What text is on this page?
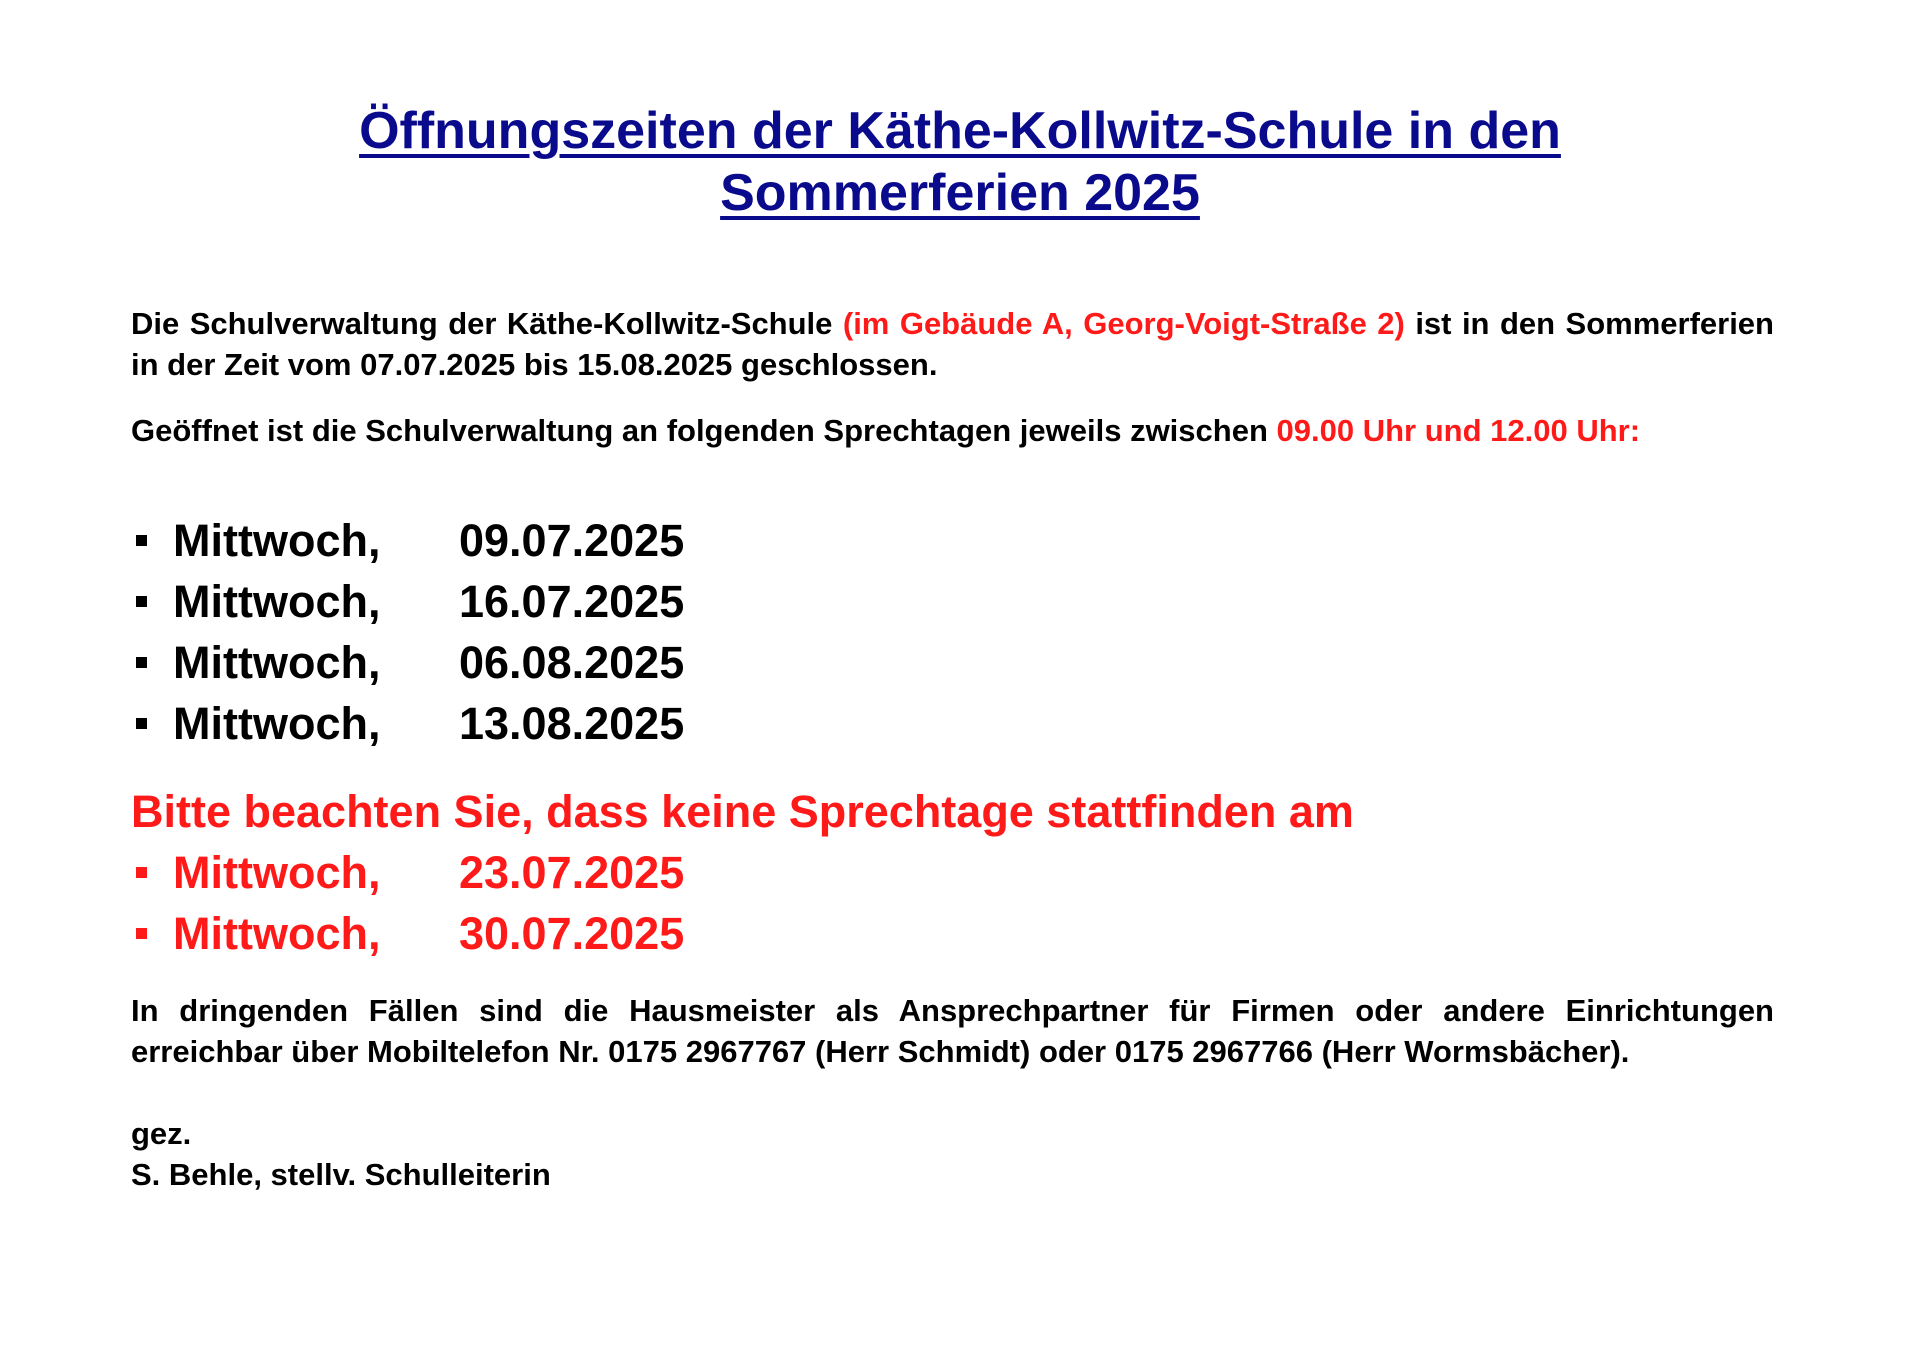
Öffnungszeiten der Käthe-Kollwitz-Schule in den
Sommerferien 2025

Die Schulverwaltung der Käthe-Kollwitz-Schule (im Gebäude A, Georg-Voigt-Straße 2) ist in den Sommerferien in der Zeit vom 07.07.2025 bis 15.08.2025 geschlossen.

Geöffnet ist die Schulverwaltung an folgenden Sprechtagen jeweils zwischen 09.00 Uhr und 12.00 Uhr:

Mittwoch, 09.07.2025
Mittwoch, 16.07.2025
Mittwoch, 06.08.2025
Mittwoch, 13.08.2025
Bitte beachten Sie, dass keine Sprechtage stattfinden am
Mittwoch, 23.07.2025
Mittwoch, 30.07.2025

In dringenden Fällen sind die Hausmeister als Ansprechpartner für Firmen oder andere Einrichtungen erreichbar über Mobiltelefon Nr. 0175 2967767 (Herr Schmidt) oder 0175 2967766 (Herr Wormsbächer).

gez.
S. Behle, stellv. Schulleiterin
